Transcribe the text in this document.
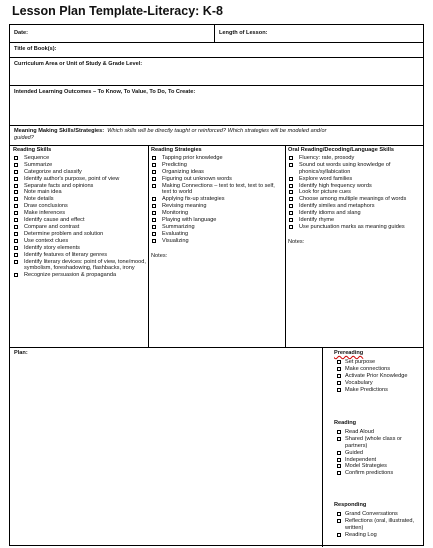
Lesson Plan Template-Literacy: K-8
Date:	Length of Lesson:
Title of Book(s):
Curriculum Area or Unit of Study & Grade Level:
Intended Learning Outcomes – To Know, To Value, To Do, To Create:
Meaning Making Skills/Strategies: Which skills will be directly taught or reinforced? Which strategies will be modeled and/or
guided?
Reading Skills
Sequence
Summarize
Categorize and classify
Identify author's purpose, point of view
Separate facts and opinions
Note main idea
Note details
Draw conclusions
Make inferences
Identify cause and effect
Compare and contrast
Determine problem and solution
Use context clues
Identify story elements
Identify features of literary genres
Identify literary devices: point of view, tone/mood, symbolism, foreshadowing, flashbacks, irony
Recognize persuasion & propaganda
Reading Strategies
Tapping prior knowledge
Predicting
Organizing ideas
Figuring out unknown words
Making Connections – text to text, text to self, text to world
Applying fix-up strategies
Revising meaning
Monitoring
Playing with language
Summarizing
Evaluating
Visualizing
Notes:
Oral Reading/Decoding/Language Skills
Fluency: rate, prosody
Sound out words using knowledge of phonics/syllabication
Explore word families
Identify high frequency words
Look for picture cues
Choose among multiple meanings of words
Identify similes and metaphors
Identify idioms and slang
Identify rhyme
Use punctuation marks as meaning guides
Notes:
Plan:	Prereading
Set purpose
Make connections
Activate Prior Knowledge
Vocabulary
Make Predictions
Reading
Read Aloud
Shared (whole class or partners)
Guided
Independent
Model Strategies
Confirm predictions
Responding
Grand Conversations
Reflections (oral, illustrated, written)
Reading Log
